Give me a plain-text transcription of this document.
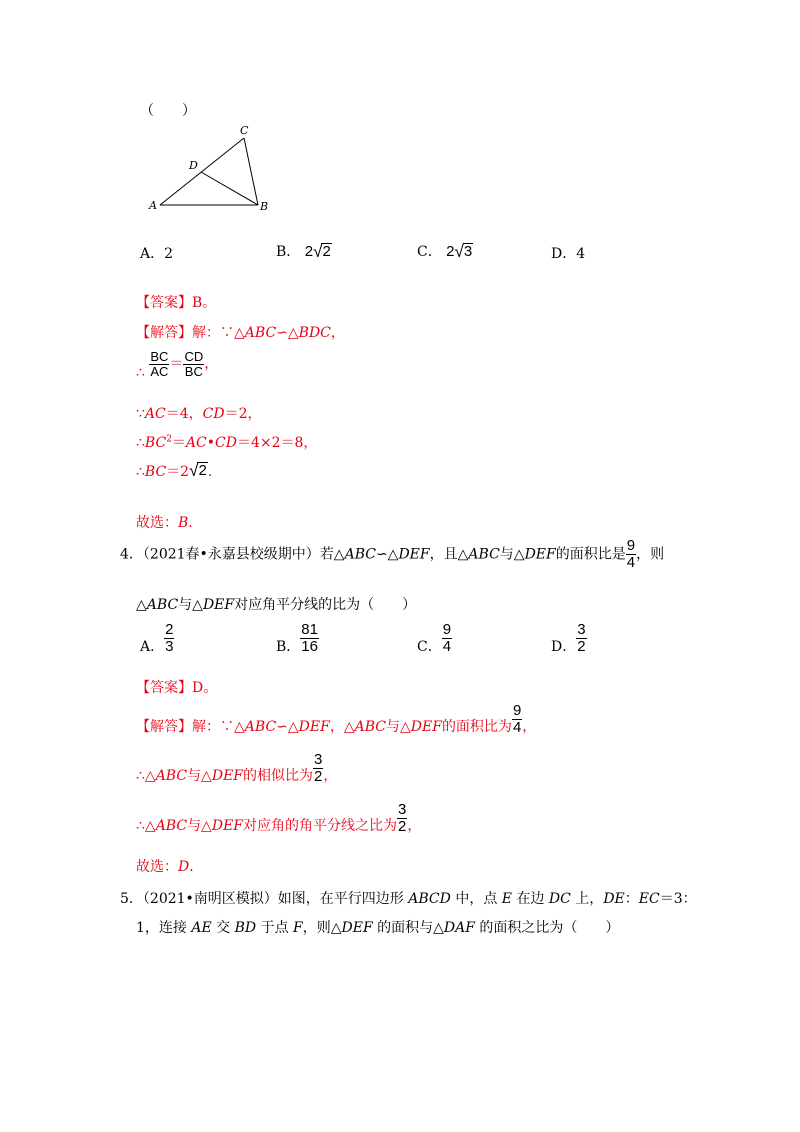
（　　）
A	B
C
D
A．2	B． 2 √ 2	C． 2 √ 3	D．4
【答案】B。
【解答】解：∵△ABC∽△BDC，
∴ $\frac{BC}{AC} = \frac{CD}{BC}$ ，
∵AC＝4，CD＝2，
$\therefore BC^2=AC•CD=4\times 2=8$，
∴BC＝2 √ 2 ．
故选：B．
4．（2021春•永嘉县校级期中）若△ABC∽△DEF，且△ABC与△DEF的面积比是 $\frac{9}{4}$ ，则
△ABC与△DEF对应角平分线的比为（　　）
A． $\frac{2}{3}$	B． $\frac{81}{16}$	C． $\frac{9}{4}$	D． $\frac{3}{2}$
【答案】D。
【解答】解：∵△ABC∽△DEF，△ABC与△DEF的面积比为 $\frac{9}{4}$ ，
∴△ABC与△DEF的相似比为 $\frac{3}{2}$ ，
∴△ABC与△DEF对应角的角平分线之比为 $\frac{3}{2}$ ，
故选：D．
5．（2021•南明区模拟）如图，在平行四边形 ABCD 中，点 E 在边 DC 上，DE：EC＝3：
1，连接 AE 交 BD 于点 F，则△DEF 的面积与△DAF 的面积之比为（　　）
